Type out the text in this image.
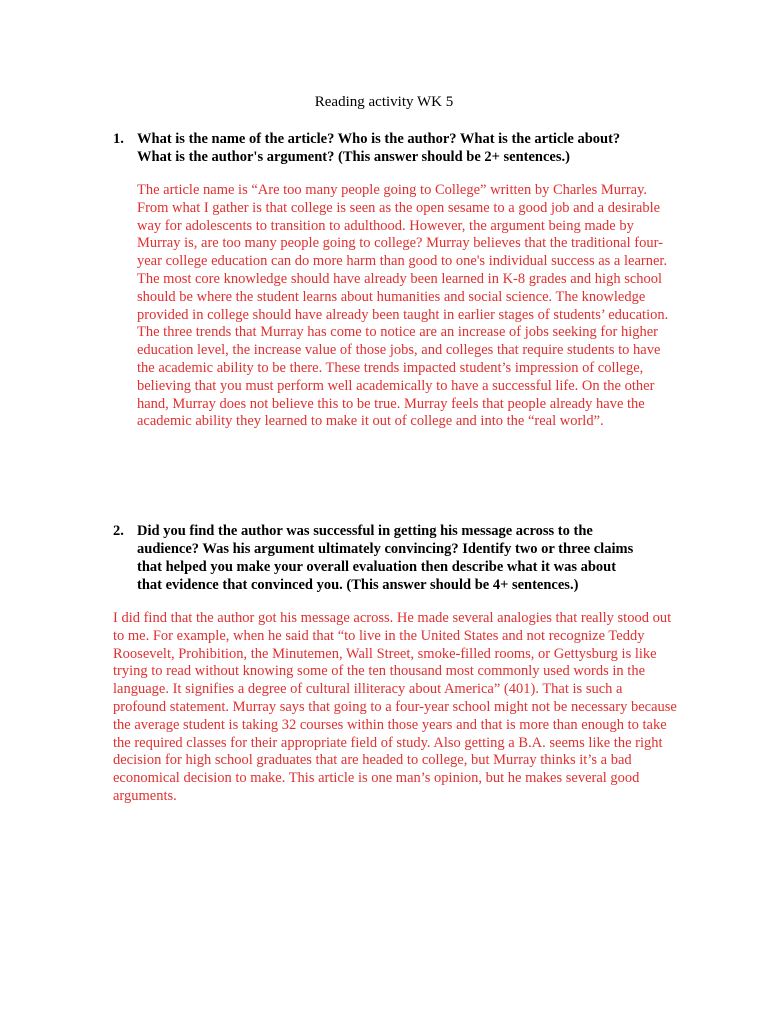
Reading activity WK 5
1. What is the name of the article? Who is the author? What is the article about? What is the author's argument? (This answer should be 2+ sentences.)
The article name is “Are too many people going to College” written by Charles Murray. From what I gather is that college is seen as the open sesame to a good job and a desirable way for adolescents to transition to adulthood. However, the argument being made by Murray is, are too many people going to college? Murray believes that the traditional four-year college education can do more harm than good to one's individual success as a learner. The most core knowledge should have already been learned in K-8 grades and high school should be where the student learns about humanities and social science. The knowledge provided in college should have already been taught in earlier stages of students’ education. The three trends that Murray has come to notice are an increase of jobs seeking for higher education level, the increase value of those jobs, and colleges that require students to have the academic ability to be there. These trends impacted student’s impression of college, believing that you must perform well academically to have a successful life. On the other hand, Murray does not believe this to be true. Murray feels that people already have the academic ability they learned to make it out of college and into the “real world”.
2. Did you find the author was successful in getting his message across to the audience? Was his argument ultimately convincing? Identify two or three claims that helped you make your overall evaluation then describe what it was about that evidence that convinced you. (This answer should be 4+ sentences.)
I did find that the author got his message across. He made several analogies that really stood out to me. For example, when he said that “to live in the United States and not recognize Teddy Roosevelt, Prohibition, the Minutemen, Wall Street, smoke-filled rooms, or Gettysburg is like trying to read without knowing some of the ten thousand most commonly used words in the language. It signifies a degree of cultural illiteracy about America” (401). That is such a profound statement. Murray says that going to a four-year school might not be necessary because the average student is taking 32 courses within those years and that is more than enough to take the required classes for their appropriate field of study. Also getting a B.A. seems like the right decision for high school graduates that are headed to college, but Murray thinks it’s a bad economical decision to make. This article is one man’s opinion, but he makes several good arguments.
